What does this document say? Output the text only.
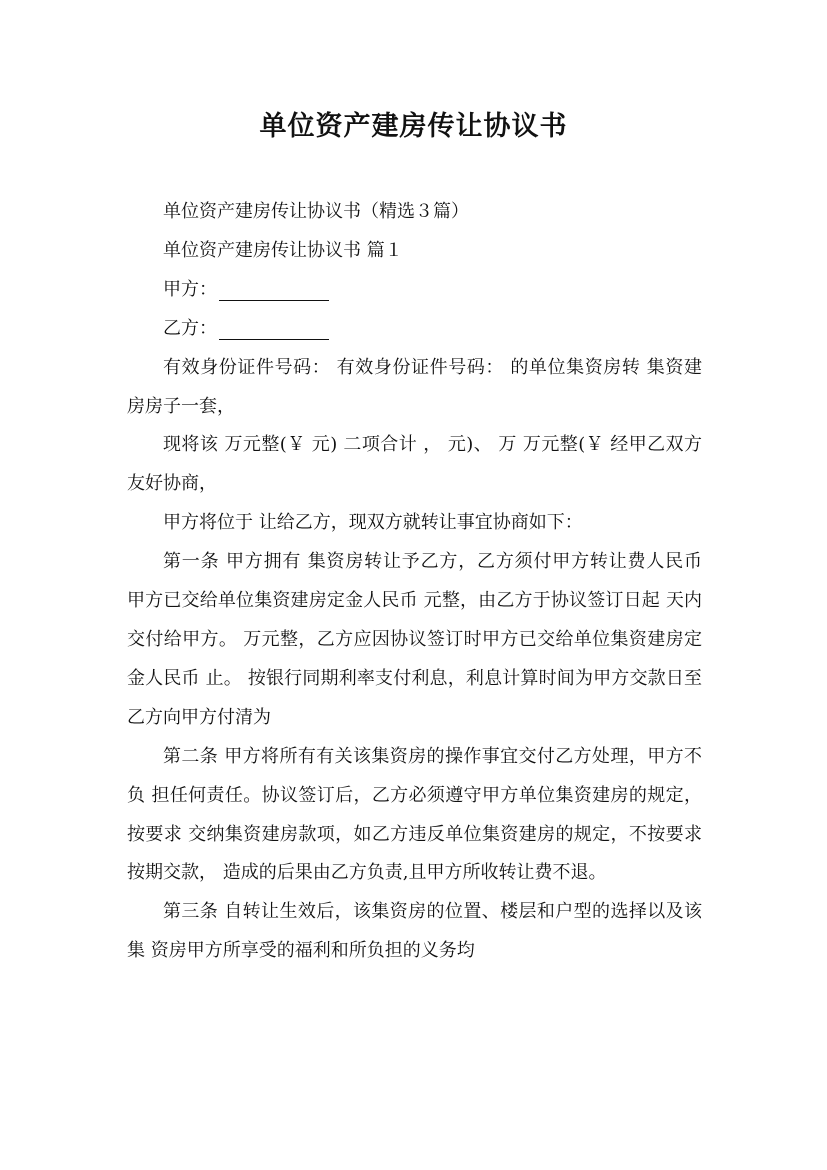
单位资产建房传让协议书

单位资产建房传让协议书（精选３篇）

单位资产建房传让协议书 篇１

甲方：

乙方：

有效身份证件号码： 有效身份证件号码： 的单位集资房转 集资建房房子一套，

现将该 万元整(￥ 元) 二项合计 ， 元)、 万 万元整(￥ 经甲乙双方友好协商，

甲方将位于 让给乙方，现双方就转让事宜协商如下：

第一条 甲方拥有 集资房转让予乙方，乙方须付甲方转让费人民币 甲方已交给单位集资建房定金人民币 元整，由乙方于协议签订日起 天内交付给甲方。 万元整，乙方应因协议签订时甲方已交给单位集资建房定金人民币 止。 按银行同期利率支付利息，利息计算时间为甲方交款日至乙方向甲方付清为

第二条 甲方将所有有关该集资房的操作事宜交付乙方处理，甲方不负 担任何责任。协议签订后，乙方必须遵守甲方单位集资建房的规定，按要求 交纳集资建房款项，如乙方违反单位集资建房的规定，不按要求按期交款， 造成的后果由乙方负责,且甲方所收转让费不退。

第三条 自转让生效后，该集资房的位置、楼层和户型的选择以及该集 资房甲方所享受的福利和所负担的义务均
